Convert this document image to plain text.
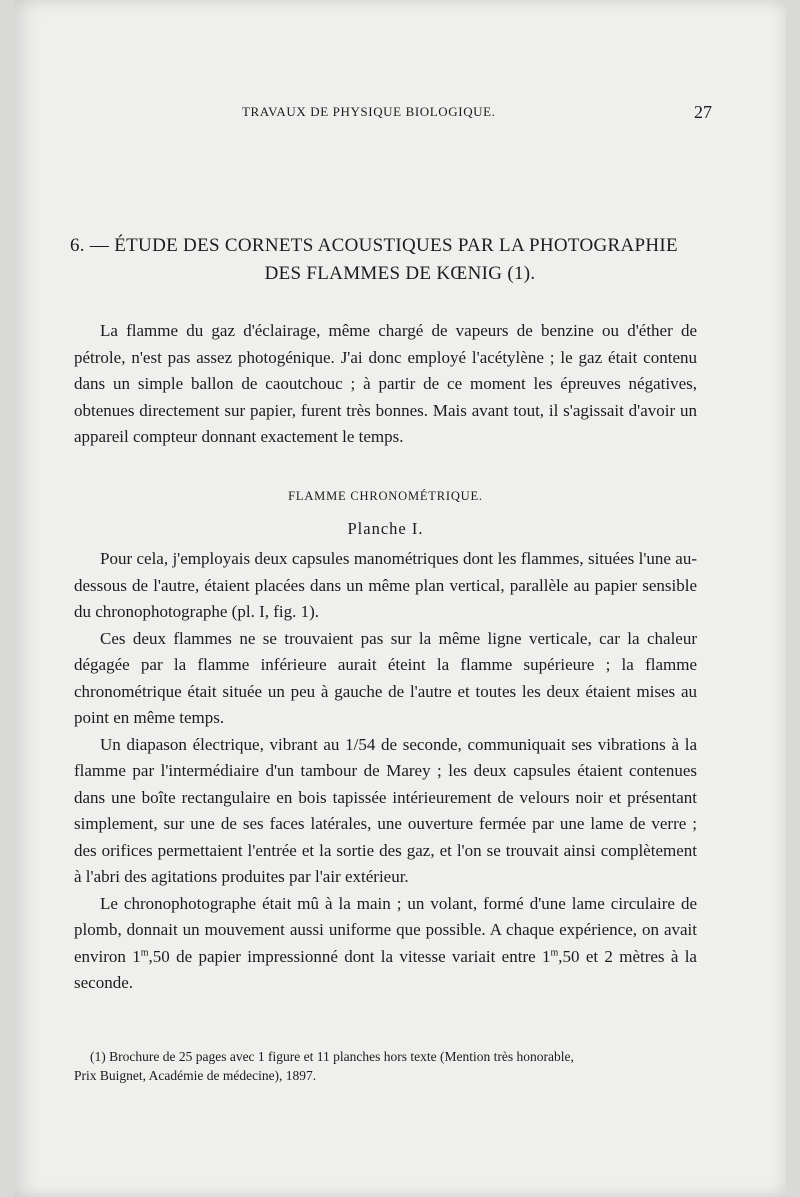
TRAVAUX DE PHYSIQUE BIOLOGIQUE.	27
6. — ÉTUDE DES CORNETS ACOUSTIQUES PAR LA PHOTOGRAPHIE
DES FLAMMES DE KŒNIG (1).

La flamme du gaz d'éclairage, même chargé de vapeurs de benzine ou d'éther de pétrole, n'est pas assez photogénique. J'ai donc employé l'acétylène ; le gaz était contenu dans un simple ballon de caoutchouc ; à partir de ce moment les épreuves négatives, obtenues directement sur papier, furent très bonnes. Mais avant tout, il s'agissait d'avoir un appareil compteur donnant exactement le temps.

FLAMME CHRONOMÉTRIQUE.
Planche I.

Pour cela, j'employais deux capsules manométriques dont les flammes, situées l'une au-dessous de l'autre, étaient placées dans un même plan vertical, parallèle au papier sensible du chronophotographe (pl. I, fig. 1).

Ces deux flammes ne se trouvaient pas sur la même ligne verticale, car la chaleur dégagée par la flamme inférieure aurait éteint la flamme supérieure ; la flamme chronométrique était située un peu à gauche de l'autre et toutes les deux étaient mises au point en même temps.

Un diapason électrique, vibrant au 1/54 de seconde, communiquait ses vibrations à la flamme par l'intermédiaire d'un tambour de Marey ; les deux capsules étaient contenues dans une boîte rectangulaire en bois tapissée intérieurement de velours noir et présentant simplement, sur une de ses faces latérales, une ouverture fermée par une lame de verre ; des orifices permettaient l'entrée et la sortie des gaz, et l'on se trouvait ainsi complètement à l'abri des agitations produites par l'air extérieur.

Le chronophotographe était mû à la main ; un volant, formé d'une lame circulaire de plomb, donnait un mouvement aussi uniforme que possible. A chaque expérience, on avait environ 1$^m$,50 de papier impressionné dont la vitesse variait entre 1$^m$,50 et 2 mètres à la seconde.

(1) Brochure de 25 pages avec 1 figure et 11 planches hors texte (Mention très honorable,
Prix Buignet, Académie de médecine), 1897.
